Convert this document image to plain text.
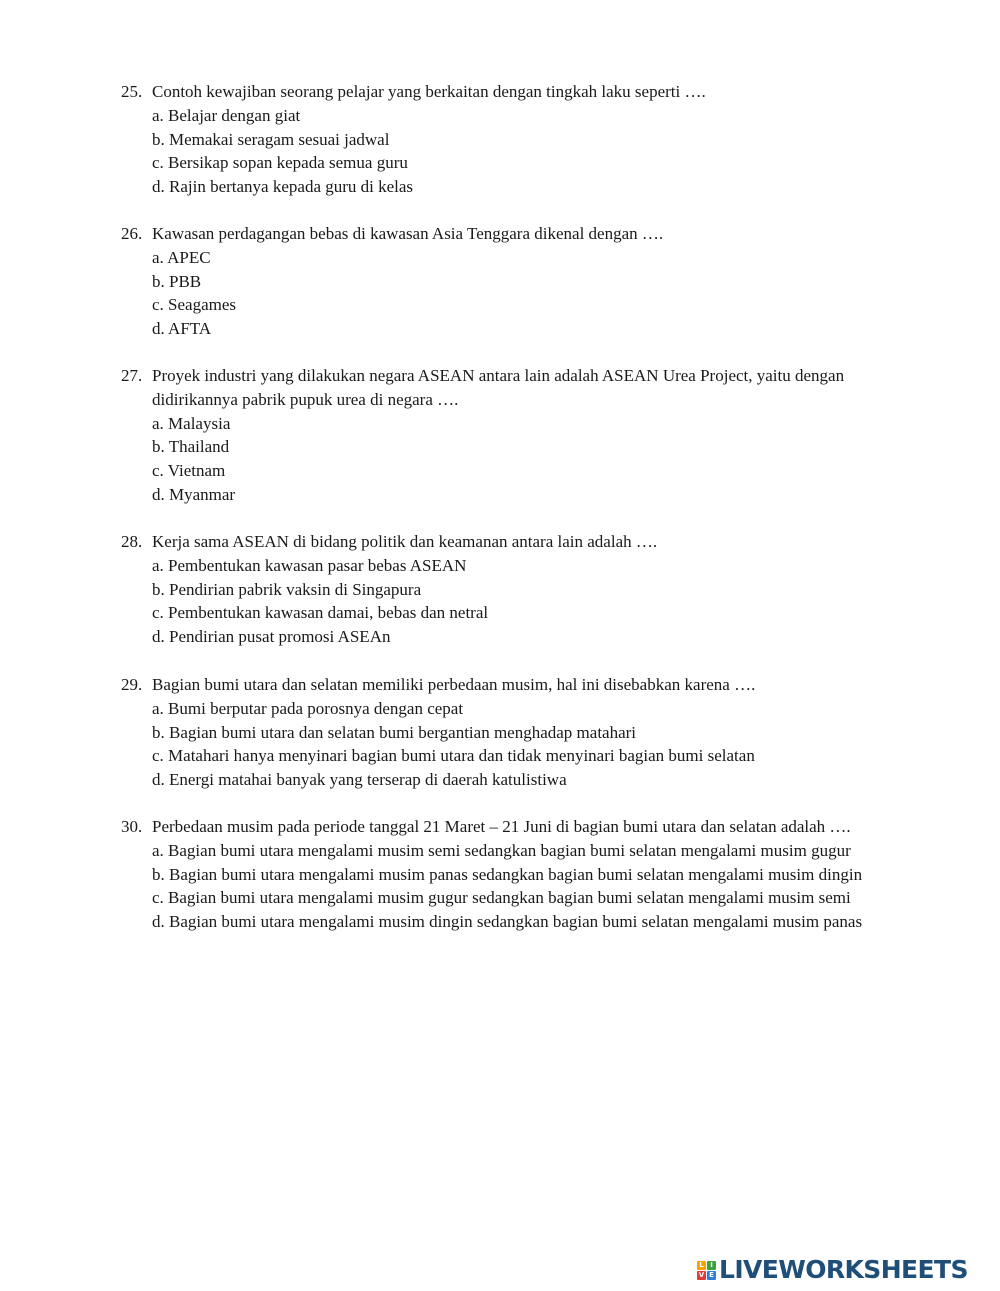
25. Contoh kewajiban seorang pelajar yang berkaitan dengan tingkah laku seperti ….
a. Belajar dengan giat
b. Memakai seragam sesuai jadwal
c. Bersikap sopan kepada semua guru
d. Rajin bertanya kepada guru di kelas
26. Kawasan perdagangan bebas di kawasan Asia Tenggara dikenal dengan ….
a. APEC
b. PBB
c. Seagames
d. AFTA
27. Proyek industri yang dilakukan negara ASEAN antara lain adalah ASEAN Urea Project, yaitu dengan didirikannya pabrik pupuk urea di negara ….
a. Malaysia
b. Thailand
c. Vietnam
d. Myanmar
28. Kerja sama ASEAN di bidang politik dan keamanan antara lain adalah ….
a. Pembentukan kawasan pasar bebas ASEAN
b. Pendirian pabrik vaksin di Singapura
c. Pembentukan kawasan damai, bebas dan netral
d. Pendirian pusat promosi ASEAn
29. Bagian bumi utara dan selatan memiliki perbedaan musim, hal ini disebabkan karena ….
a. Bumi berputar pada porosnya dengan cepat
b. Bagian bumi utara dan selatan bumi bergantian menghadap matahari
c. Matahari hanya menyinari bagian bumi utara dan tidak menyinari bagian bumi selatan
d. Energi matahai banyak yang terserap di daerah katulistiwa
30. Perbedaan musim pada periode tanggal 21 Maret – 21 Juni di bagian bumi utara dan selatan adalah ….
a. Bagian bumi utara mengalami musim semi sedangkan bagian bumi selatan mengalami musim gugur
b. Bagian bumi utara mengalami musim panas sedangkan bagian bumi selatan mengalami musim dingin
c. Bagian bumi utara mengalami musim gugur sedangkan bagian bumi selatan mengalami musim semi
d. Bagian bumi utara mengalami musim dingin sedangkan bagian bumi selatan mengalami musim panas
L I
V E LIVEWORKSHEETS
